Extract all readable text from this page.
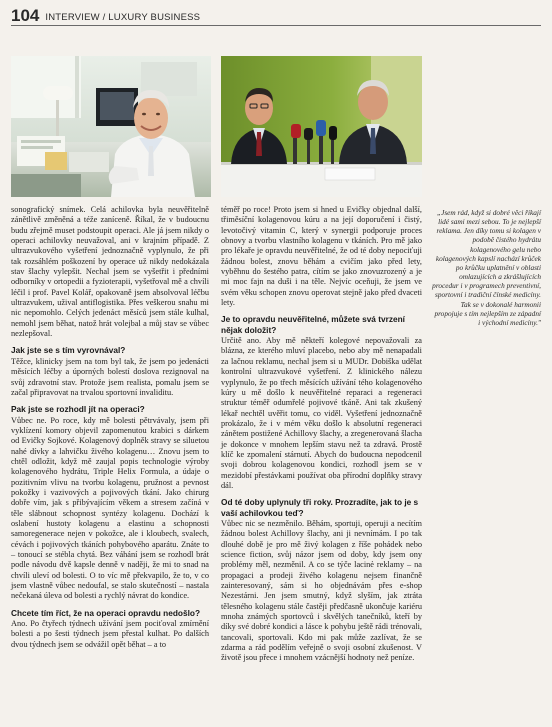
104 INTERVIEW / LUXURY BUSINESS

sonografický snímek. Celá achilovka byla neuvěřitelně zánětlivě změněná a téže zaníceně. Říkal, že v budoucnu budu zřejmě muset podstoupit operaci. Ale já jsem nikdy o operaci achilovky neuvažoval, ani v krajním případě. Z ultrazvukového vyšetření jednoznačně vyplynulo, že při tak rozsáhlém poškození by operace už nikdy nedokázala stav šlachy vylepšit. Nechal jsem se vyšetřit i předními odborníky v ortopedii a fyzioterapii, vyšetřoval mě a chvíli léčil i prof. Pavel Kolář, opakovaně jsem absolvoval léčbu ultrazvukem, užival antiflogistika. Přes veškerou snahu mi nic nepomohlo. Celých jedenáct měsíců jsem stále kulhal, nemohl jsem běhat, natož hrát volejbal a můj stav se vůbec nezlepšoval.

Jak jste se s tím vyrovnával?

Těžce, klinicky jsem na tom byl tak, že jsem po jedenácti měsících léčby a úporných bolestí doslova rezignoval na svůj zdravotní stav. Protože jsem realista, pomalu jsem se začal připravovat na trvalou sportovní invaliditu.

Pak jste se rozhodl jít na operaci?

Vůbec ne. Po roce, kdy mě bolesti pětrvávaly, jsem při vyklízení komory objevil zapomenutou krabici s dárkem od Evičky Sojkové. Kolagenový doplněk stravy se siluetou nahé dívky a lahvičku živého kolagenu… Znovu jsem to chtěl odložit, když mě zaujal popis technologie výroby kolagenového hydrátu, Triple Helix Formula, a údaje o pozitivním vlivu na tvorbu kolagenu, pružnost a pevnost pokožky i vazivových a pojivových tkání. Jako chirurg dobře vím, jak s přibývajícím věkem a stresem začíná v těle slábnout schopnost syntézy kolagenu. Dochází k oslabení hustoty kolagenu a elastinu a schopnosti samoregenerace nejen v pokožce, ale i kloubech, svalech, cévách i pojivových tkáních pohybového aparátu. Znáte to – tonoucí se stébla chytá. Bez váhání jsem se rozhodl brát podle návodu dvě kapsle denně v naději, že mi to snad na chvíli uleví od bolesti. O to víc mě překvapilo, že to, v co jsem vlastně vůbec nedoufal, se stalo skutečností – nastala nečekaná úleva od bolesti a rychlý návrat do kondice.

Chcete tím říct, že na operaci opravdu nedošlo?

Ano. Po čtyřech týdnech užívání jsem pociťoval zmírnění bolesti a po šesti týdnech jsem přestal kulhat. Po dalších dvou týdnech jsem se odvážil opět běhat – a to

téměř po roce! Proto jsem si hned u Evičky objednal další, třiměsíční kolagenovou kúru a na její doporučení i čistý, levotočivý vitamin C, který v synergii podporuje proces obnovy a tvorbu vlastního kolagenu v tkáních. Pro mě jako pro lékaře je opravdu neuvěřitelné, že od té doby nepociťuji žádnou bolest, znovu běhám a cvičím jako před lety, vyběhnu do šestého patra, cítím se jako znovuzrozený a je mi moc fajn na duši i na těle. Nejvíc oceňuji, že jsem ve svém věku schopen znovu operovat stejně jako před dvaceti lety.

Je to opravdu neuvěřitelné, můžete svá tvrzení nějak doložit?

Určitě ano. Aby mě někteří kolegové nepovažovali za blázna, ze kterého mluví placebo, nebo aby mě nenapadali za lačnou reklamu, nechal jsem si u MUDr. Dobiška udělat kontrolní ultrazvukové vyšetření. Z klinického nálezu vyplynulo, že po třech měsících užívání tého kolagenového kúry u mě došlo k neuvěřitelné reparaci a regeneraci struktur téměř odumřelé pojivové tkáně. Ani tak zkušený lékař nechtěl uvěřit tomu, co viděl. Vyšetření jednoznačně prokázalo, že i v mém věku došlo k absolutní regeneraci zánětem postižené Achillovy šlachy, a zregenerovaná šlacha je dokonce v mnohem lepším stavu než ta zdravá. Prostě klíč ke zpomalení stárnutí. Abych do budoucna nepodcenil svoji dobrou kolagenovou kondici, rozhodl jsem se v mezidobí přestávkami používat oba přírodní doplňky stravy dál.

Od té doby uplynuly tři roky. Prozradíte, jak to je s vaší achilovkou teď?

Vůbec nic se nezměnilo. Běhám, sportuji, operuji a necítím žádnou bolest Achillovy šlachy, ani ji nevnímám. I po tak dlouhé době je pro mě živý kolagen z říše pohádek nebo science fiction, svůj názor jsem od doby, kdy jsem ony problémy měl, nezměnil. A co se týče lacinẻ reklamy – na propagaci a prodeji živého kolagenu nejsem finančně zainteresovaný, sám si ho objednávám přes e-shop Nezestárni. Jen jsem smutný, když slyším, jak ztráta tělesného kolagenu stále častěji předčasně ukončuje kariéru mnoha známých sportovců i skvělých tanečníků, kteří by díky své dobré kondici a lásce k pohybu ještě rádi trénovali, tancovali, sportovali. Kdo mi pak může zazlívat, že se zdarma a rád podělím veřejně o svoji osobní zkušenost. V životě jsou přece i mnohem vzácnější hodnoty než peníze.

„Jsem rád, když si dobré věci říkají lidé sami mezi sebou. To je nejlepší reklama. Jen díky tomu si kolagen v podobě čistého hydrátu kolagenového gelu nebo kolagenových kapslí nachází krůček po krůčku uplatnění v oblasti omlazujících a zkrášlujících procedur i v programech preventivní, sportovní i tradiční čínské medicíny. Tak se v dokonalé harmonii propojuje s tím nejlepším ze západní i východní medicíny."
